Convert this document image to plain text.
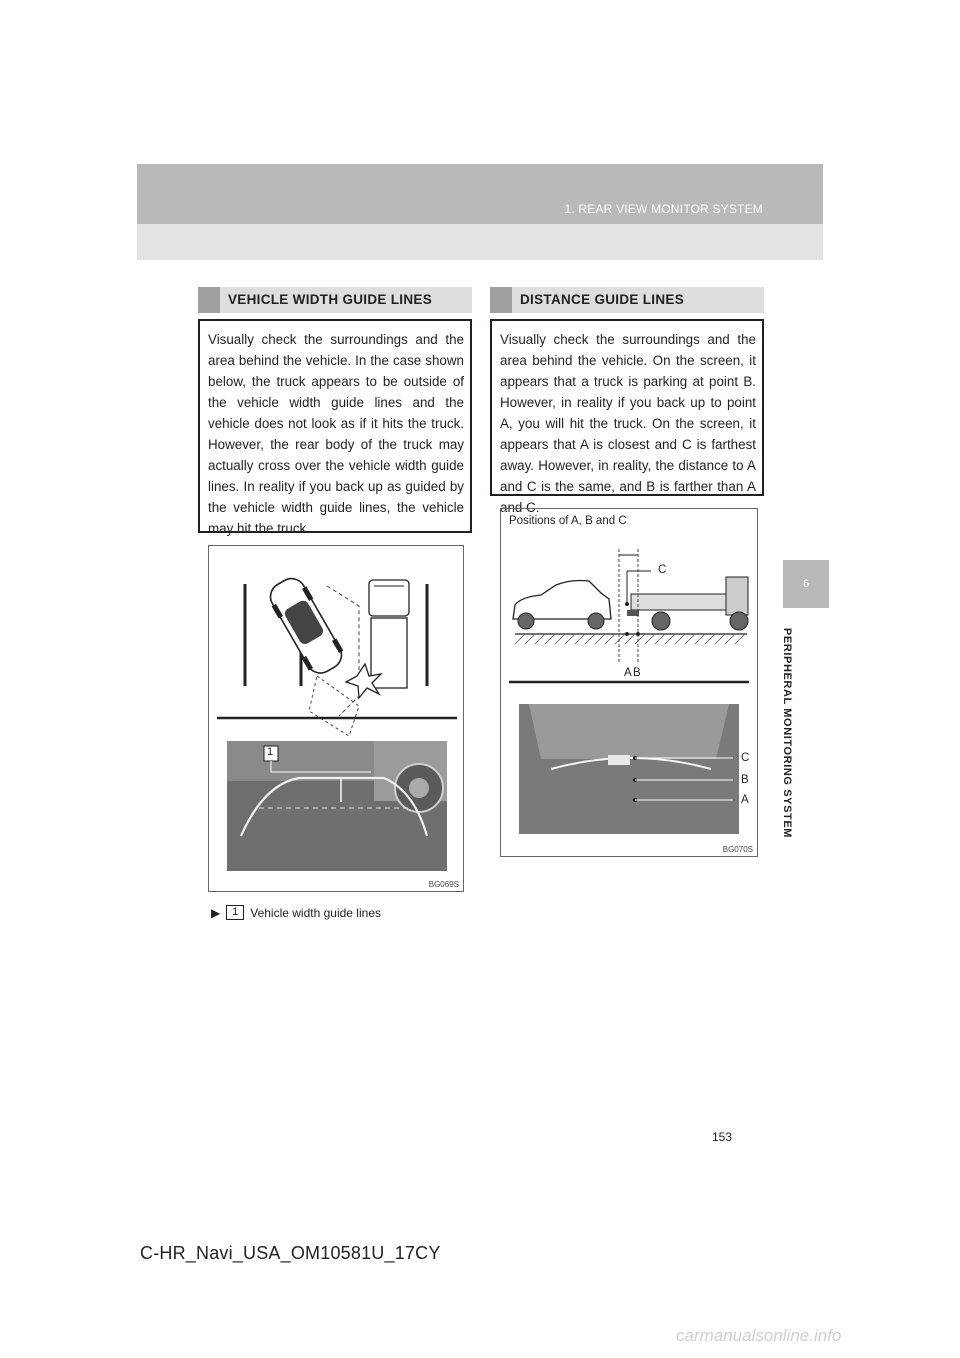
1. REAR VIEW MONITOR SYSTEM
6
PERIPHERAL MONITORING SYSTEM
VEHICLE WIDTH GUIDE LINES
Visually check the surroundings and the area behind the vehicle. In the case shown below, the truck appears to be outside of the vehicle width guide lines and the vehicle does not look as if it hits the truck. However, the rear body of the truck may actually cross over the vehicle width guide lines. In reality if you back up as guided by the vehicle width guide lines, the vehicle may hit the truck.
1
BG069S
▶	1 Vehicle width guide lines
DISTANCE GUIDE LINES
Visually check the surroundings and the area behind the vehicle. On the screen, it appears that a truck is parking at point B. However, in reality if you back up to point A, you will hit the truck. On the screen, it appears that A is closest and C is farthest away. However, in reality, the distance to A and C is the same, and B is farther than A and C.
Positions of A, B and C
C
A B
C
B
A
BG070S
153
C-HR_Navi_USA_OM10581U_17CY
carmanualsonline.info
